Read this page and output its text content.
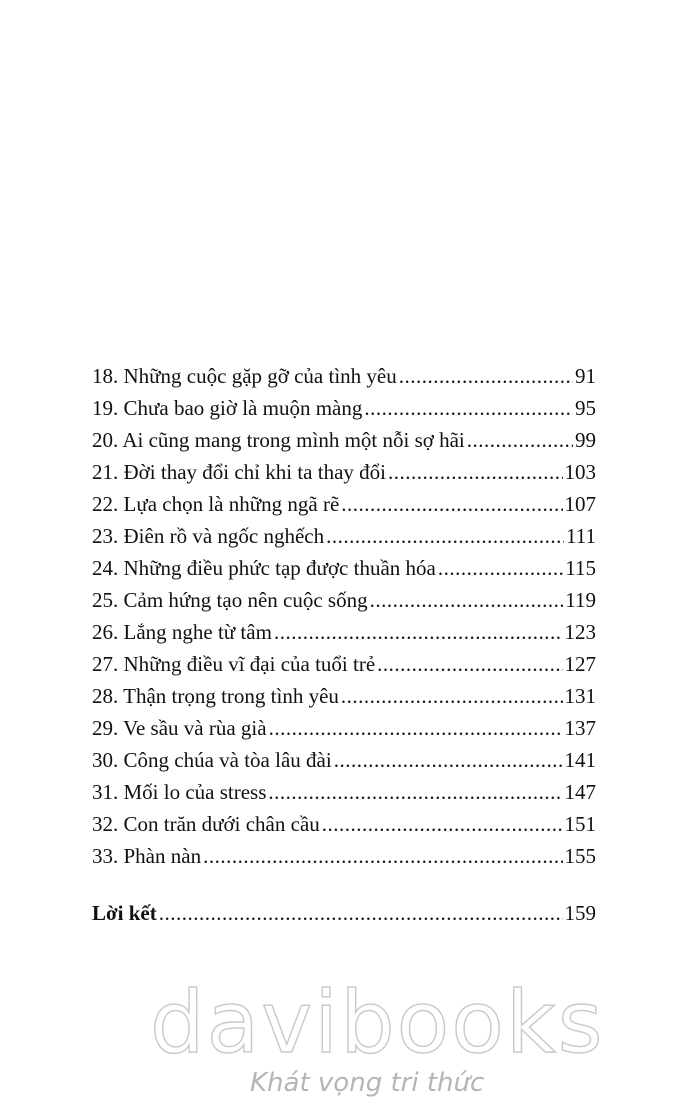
18. Những cuộc gặp gỡ của tình yêu .....	91
19. Chưa bao giờ là muộn màng .....	95
20. Ai cũng mang trong mình một nỗi sợ hãi .....	99
21. Đời thay đổi chỉ khi ta thay đổi .....	103
22. Lựa chọn là những ngã rẽ .....	107
23. Điên rồ và ngốc nghếch .....	111
24. Những điều phức tạp được thuần hóa .....	115
25. Cảm hứng tạo nên cuộc sống .....	119
26. Lắng nghe từ tâm .....	123
27. Những điều vĩ đại của tuổi trẻ .....	127
28. Thận trọng trong tình yêu .....	131
29. Ve sầu và rùa già .....	137
30. Công chúa và tòa lâu đài .....	141
31. Mối lo của stress .....	147
32. Con trăn dưới chân cầu .....	151
33. Phàn nàn .....	155
Lời kết .....	159
davibooks
Khát vọng tri thức
